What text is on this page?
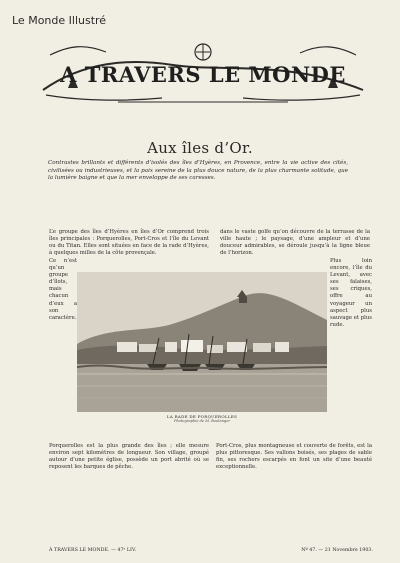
Le Monde Illustré
A TRAVERS LE MONDE
Aux îles d’Or.
Contrastes brillants et différents d’isolés des îles d’Hyères, en Provence, entre la vie active des cités, civilisées ou industrieuses, et la paix sereine de la plus douce nature, de la plus charmante solitude, que la lumière baigne et que la mer enveloppe de ses caresses.

L’e groupe des îles d’Hyères en îles d’Or comprend trois îles principales : Porquerolles, Port-Cros et l’île du Levant ou du Titan. Elles sont situées en face de la rade d’Hyères, à quelques milles de la côte provençale.

dans le vaste golfe qu’on découvre de la terrasse de la ville haute ; le paysage, d’une ampleur et d’une douceur admirables, se déroule jusqu’à la ligne bleue de l’horizon.

Ce n’est qu’un groupe d’îlots, mais chacun d’eux a son caractère.

Plus loin encore, l’île du Levant, avec ses falaises, ses criques, offre au voyageur un aspect plus sauvage et plus rude.

LA RADE DE PORQUEROLLES
Photographie de M. Boulanger

Porquerolles est la plus grande des îles ; elle mesure environ sept kilomètres de longueur. Son village, groupé autour d’une petite église, possède un port abrité où se reposent les barques de pêche.

Port-Cros, plus montagneuse et couverte de forêts, est la plus pittoresque. Ses vallons boisés, ses plages de sable fin, ses rochers escarpés en font un site d’une beauté exceptionnelle.

À TRAVERS LE MONDE. — 47ᵉ LIV.	Nº 47. — 21 Novembre 1903.
